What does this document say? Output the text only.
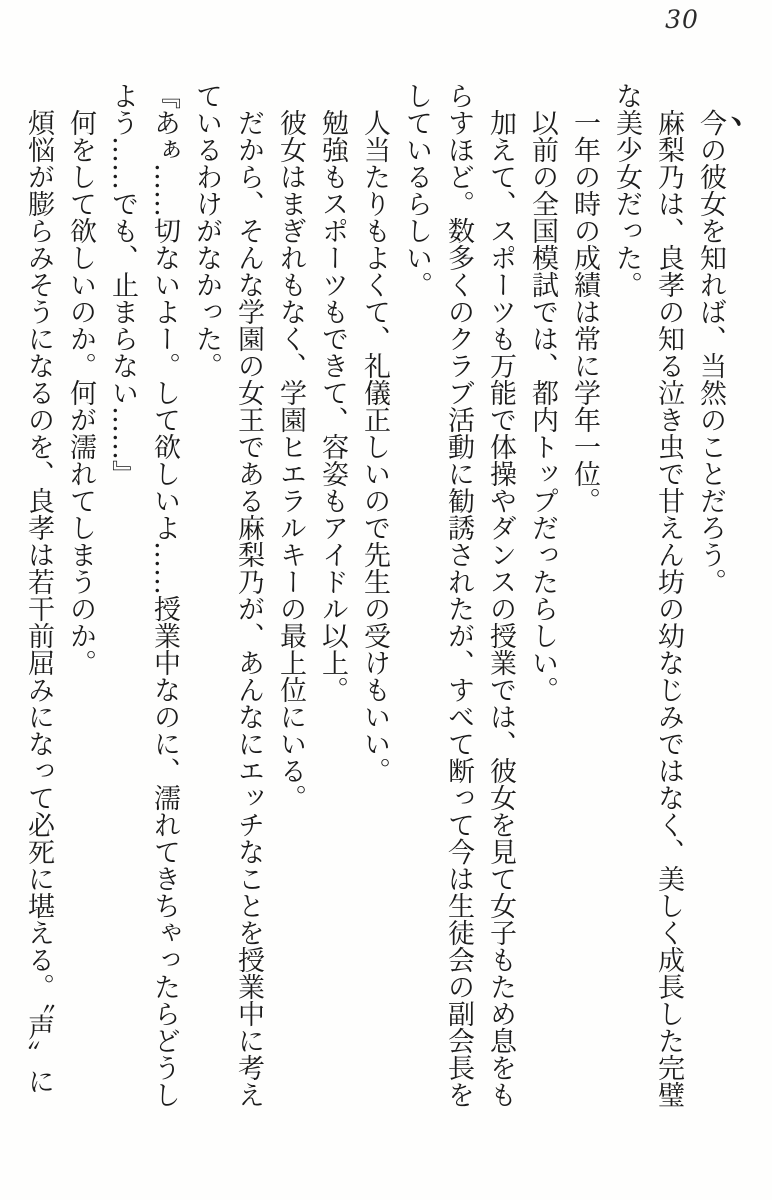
30

今の彼女を知れば、当然のことだろう。

麻梨乃は、良孝の知る泣き虫で甘えん坊の幼なじみではなく、美しく成長した完璧
な美少女だった。

一年の時の成績は常に学年一位。

以前の全国模試では、都内トップだったらしい。

加えて、スポーツも万能で体操やダンスの授業では、彼女を見て女子もため息をも
らすほど。数多くのクラブ活動に勧誘されたが、すべて断って今は生徒会の副会長を
しているらしい。

人当たりもよくて、礼儀正しいので先生の受けもいい。

勉強もスポーツもできて、容姿もアイドル以上。

彼女はまぎれもなく、学園ヒエラルキーの最上位にいる。

だから、そんな学園の女王である麻梨乃が、あんなにエッチなことを授業中に考え
ているわけがなかった。

『あぁ……切ないよー。して欲しいよ……授業中なのに、濡れてきちゃったらどうし
よう……でも、止まらない……』

何をして欲しいのか。何が濡れてしまうのか。

煩悩が膨らみそうになるのを、良孝は若干前屈みになって必死に堪える。〝声〟に
